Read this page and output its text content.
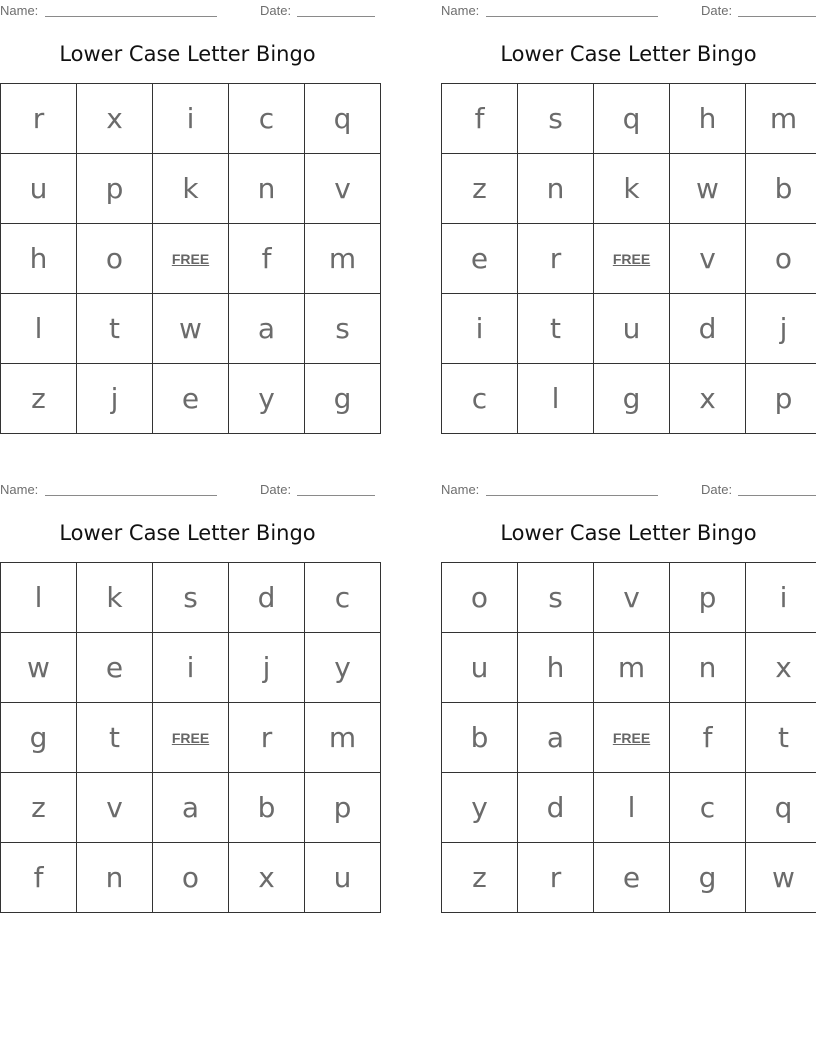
Name:	Date:
Lower Case Letter Bingo
r	x	i	c	q
u	p	k	n	v
h	o	FREE	f	m
l	t	w	a	s
z	j	e	y	g
Name:	Date:
Lower Case Letter Bingo
f	s	q	h	m
z	n	k	w	b
e	r	FREE	v	o
i	t	u	d	j
c	l	g	x	p
Name:	Date:
Lower Case Letter Bingo
l	k	s	d	c
w	e	i	j	y
g	t	FREE	r	m
z	v	a	b	p
f	n	o	x	u
Name:	Date:
Lower Case Letter Bingo
o	s	v	p	i
u	h	m	n	x
b	a	FREE	f	t
y	d	l	c	q
z	r	e	g	w
